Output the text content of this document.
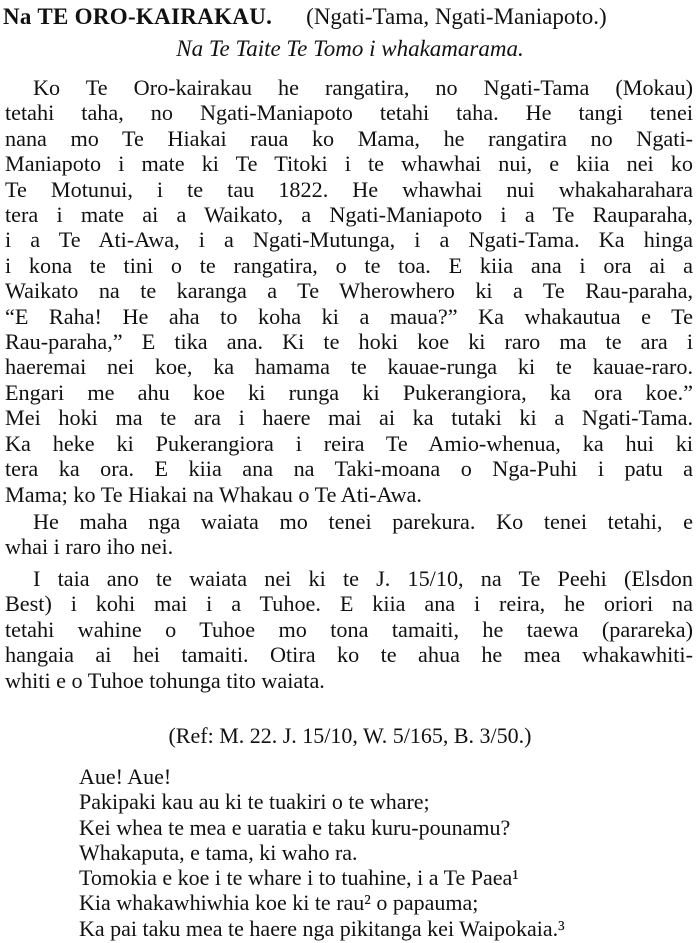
Na TE ORO-KAIRAKAU. (Ngati-Tama, Ngati-Maniapoto.)
Na Te Taite Te Tomo i whakamarama.
Ko Te Oro-kairakau he rangatira, no Ngati-Tama (Mokau)
tetahi taha, no Ngati-Maniapoto tetahi taha. He tangi tenei
nana mo Te Hiakai raua ko Mama, he rangatira no Ngati-
Maniapoto i mate ki Te Titoki i te whawhai nui, e kiia nei ko
Te Motunui, i te tau 1822. He whawhai nui whakaharahara
tera i mate ai a Waikato, a Ngati-Maniapoto i a Te Rauparaha,
i a Te Ati-Awa, i a Ngati-Mutunga, i a Ngati-Tama. Ka hinga
i kona te tini o te rangatira, o te toa. E kiia ana i ora ai a
Waikato na te karanga a Te Wherowhero ki a Te Rau-paraha,
“E Raha! He aha to koha ki a maua?” Ka whakautua e Te
Rau-paraha,” E tika ana. Ki te hoki koe ki raro ma te ara i
haeremai nei koe, ka hamama te kauae-runga ki te kauae-raro.
Engari me ahu koe ki runga ki Pukerangiora, ka ora koe.”
Mei hoki ma te ara i haere mai ai ka tutaki ki a Ngati-Tama.
Ka heke ki Pukerangiora i reira Te Amio-whenua, ka hui ki
tera ka ora. E kiia ana na Taki-moana o Nga-Puhi i patu a
Mama; ko Te Hiakai na Whakau o Te Ati-Awa.
He maha nga waiata mo tenei parekura. Ko tenei tetahi, e
whai i raro iho nei.
I taia ano te waiata nei ki te J. 15/10, na Te Peehi (Elsdon
Best) i kohi mai i a Tuhoe. E kiia ana i reira, he oriori na
tetahi wahine o Tuhoe mo tona tamaiti, he taewa (parareka)
hangaia ai hei tamaiti. Otira ko te ahua he mea whakawhiti-
whiti e o Tuhoe tohunga tito waiata.
(Ref: M. 22. J. 15/10, W. 5/165, B. 3/50.)
Aue! Aue!
Pakipaki kau au ki te tuakiri o te whare;
Kei whea te mea e uaratia e taku kuru-pounamu?
Whakaputa, e tama, ki waho ra.
Tomokia e koe i te whare i to tuahine, i a Te Paea¹
Kia whakawhiwhia koe ki te rau² o papauma;
Ka pai taku mea te haere nga pikitanga kei Waipokaia.³
